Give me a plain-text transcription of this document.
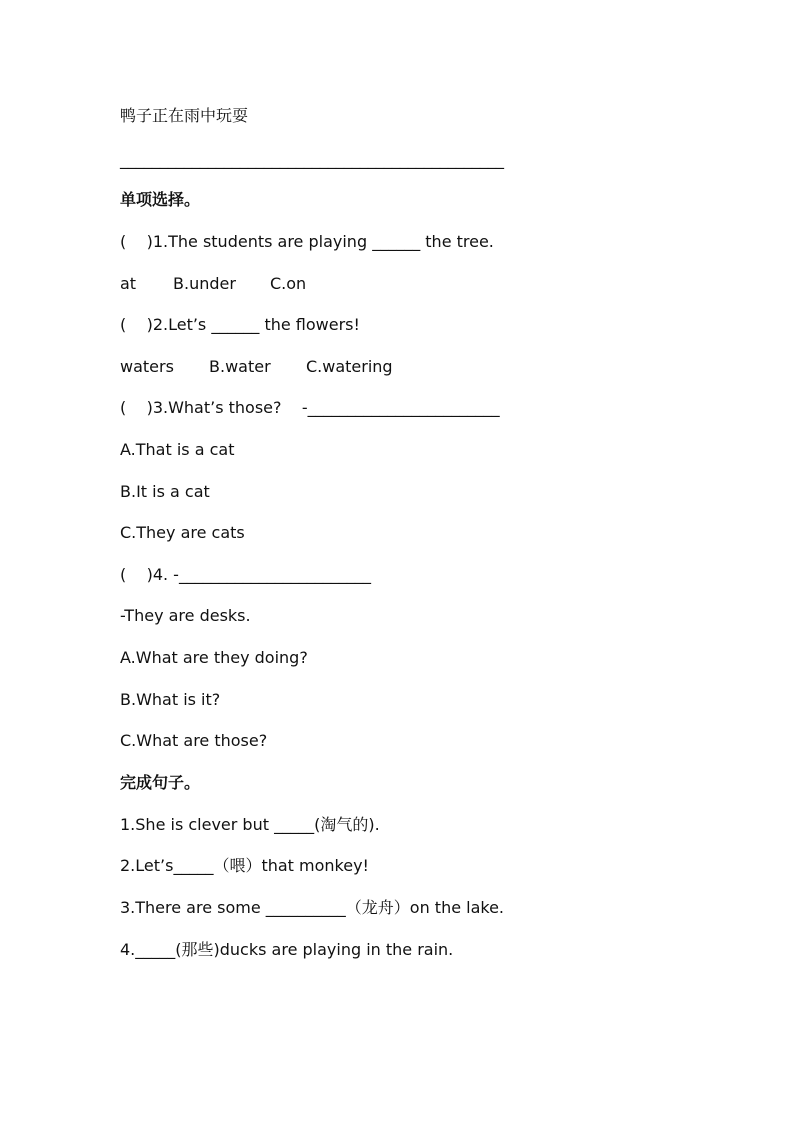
鸭子正在雨中玩耍
________________________________________________
单项选择。
(    )1.The students are playing ______ the tree.
at	B.under	C.on
(    )2.Let’s ______ the flowers!
waters	B.water	C.watering
(    )3.What’s those?    -________________________
A.That is a cat
B.It is a cat
C.They are cats
(    )4. -________________________
-They are desks.
A.What are they doing?
B.What is it?
C.What are those?
完成句子。
1.She is clever but _____(淘气的).
2.Let’s_____（喂）that monkey!
3.There are some __________（龙舟）on the lake.
4._____(那些)ducks are playing in the rain.
